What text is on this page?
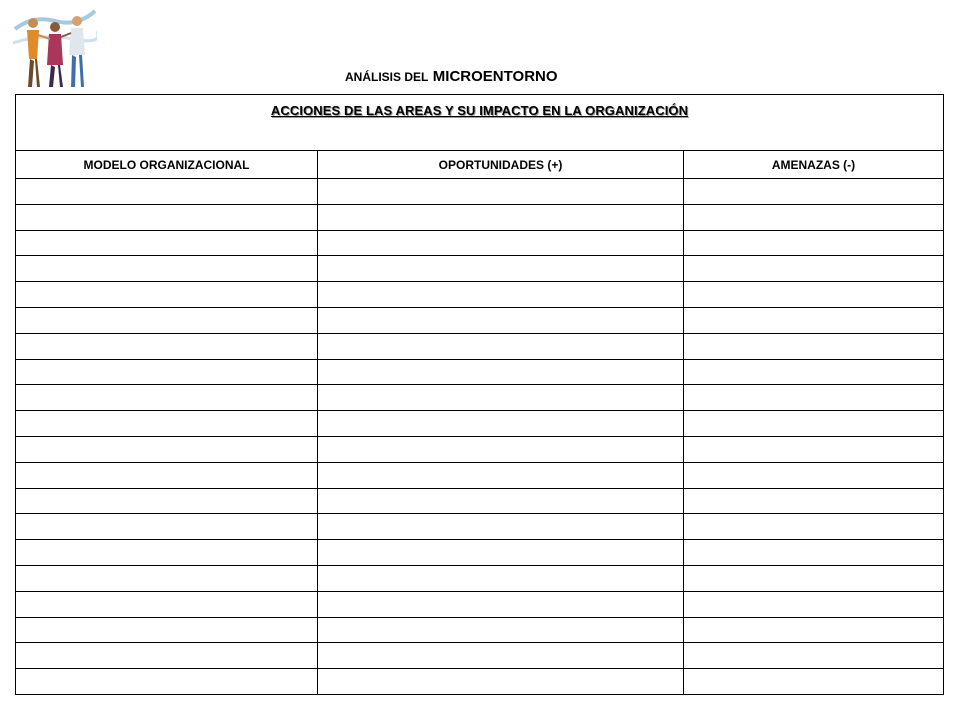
ANÁLISIS DEL MICROENTORNO
ACCIONES DE LAS AREAS Y SU IMPACTO EN LA ORGANIZACIÓN		
MODELO ORGANIZACIONAL	OPORTUNIDADES (+)	AMENAZAS (-)
